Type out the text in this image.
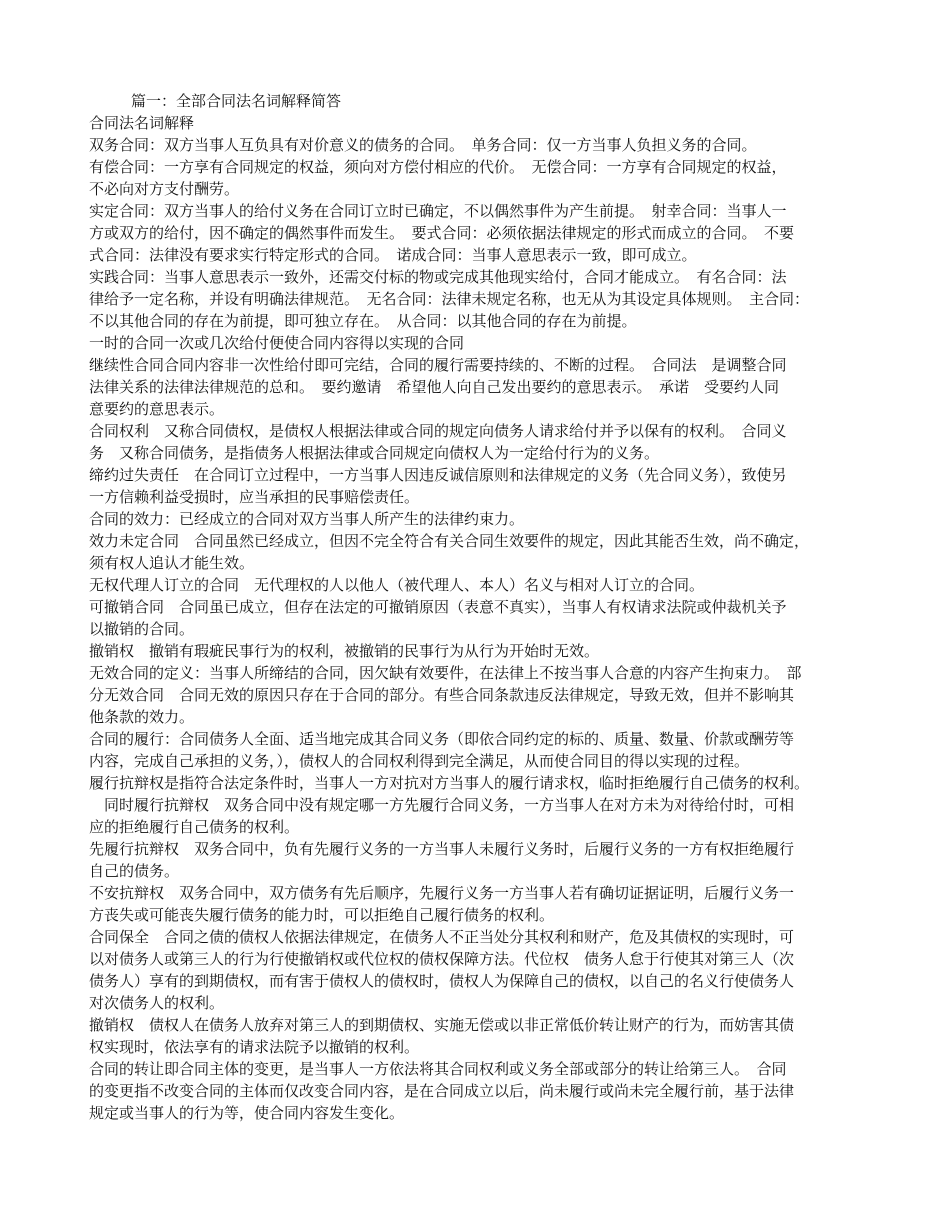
篇一：全部合同法名词解释简答
合同法名词解释
双务合同：双方当事人互负具有对价意义的债务的合同。　单务合同：仅一方当事人负担义务的合同。
有偿合同：一方享有合同规定的权益，须向对方偿付相应的代价。　无偿合同：一方享有合同规定的权益，
不必向对方支付酬劳。
实定合同：双方当事人的给付义务在合同订立时已确定，不以偶然事件为产生前提。　射幸合同：当事人一
方或双方的给付，因不确定的偶然事件而发生。　要式合同：必须依据法律规定的形式而成立的合同。　不要
式合同：法律没有要求实行特定形式的合同。　诺成合同：当事人意思表示一致，即可成立。
实践合同：当事人意思表示一致外，还需交付标的物或完成其他现实给付，合同才能成立。　有名合同：法
律给予一定名称，并设有明确法律规范。　无名合同：法律未规定名称，也无从为其设定具体规则。　主合同：
不以其他合同的存在为前提，即可独立存在。　从合同：以其他合同的存在为前提。
一时的合同一次或几次给付便使合同内容得以实现的合同
继续性合同合同内容非一次性给付即可完结，合同的履行需要持续的、不断的过程。　合同法　是调整合同
法律关系的法律法律规范的总和。　要约邀请　希望他人向自己发出要约的意思表示。　承诺　受要约人同
意要约的意思表示。
合同权利　又称合同债权，是债权人根据法律或合同的规定向债务人请求给付并予以保有的权利。　合同义
务　又称合同债务，是指债务人根据法律或合同规定向债权人为一定给付行为的义务。
缔约过失责任　在合同订立过程中，一方当事人因违反诚信原则和法律规定的义务（先合同义务），致使另
一方信赖利益受损时，应当承担的民事赔偿责任。
合同的效力：已经成立的合同对双方当事人所产生的法律约束力。
效力未定合同　合同虽然已经成立，但因不完全符合有关合同生效要件的规定，因此其能否生效，尚不确定，
须有权人追认才能生效。
无权代理人订立的合同　无代理权的人以他人（被代理人、本人）名义与相对人订立的合同。
可撤销合同　合同虽已成立，但存在法定的可撤销原因（表意不真实），当事人有权请求法院或仲裁机关予
以撤销的合同。
撤销权　撤销有瑕疵民事行为的权利，被撤销的民事行为从行为开始时无效。
无效合同的定义：当事人所缔结的合同，因欠缺有效要件，在法律上不按当事人合意的内容产生拘束力。　部
分无效合同　合同无效的原因只存在于合同的部分。有些合同条款违反法律规定，导致无效，但并不影响其
他条款的效力。
合同的履行：合同债务人全面、适当地完成其合同义务（即依合同约定的标的、质量、数量、价款或酬劳等
内容，完成自己承担的义务，），债权人的合同权利得到完全满足，从而使合同目的得以实现的过程。
履行抗辩权是指符合法定条件时，当事人一方对抗对方当事人的履行请求权，临时拒绝履行自己债务的权利。
　同时履行抗辩权　双务合同中没有规定哪一方先履行合同义务，一方当事人在对方未为对待给付时，可相
应的拒绝履行自己债务的权利。
先履行抗辩权　双务合同中，负有先履行义务的一方当事人未履行义务时，后履行义务的一方有权拒绝履行
自己的债务。
不安抗辩权　双务合同中，双方债务有先后顺序，先履行义务一方当事人若有确切证据证明，后履行义务一
方丧失或可能丧失履行债务的能力时，可以拒绝自己履行债务的权利。
合同保全　合同之债的债权人依据法律规定，在债务人不正当处分其权利和财产，危及其债权的实现时，可
以对债务人或第三人的行为行使撤销权或代位权的债权保障方法。代位权　债务人怠于行使其对第三人（次
债务人）享有的到期债权，而有害于债权人的债权时，债权人为保障自己的债权，以自己的名义行使债务人
对次债务人的权利。
撤销权　债权人在债务人放弃对第三人的到期债权、实施无偿或以非正常低价转让财产的行为，而妨害其债
权实现时，依法享有的请求法院予以撤销的权利。
合同的转让即合同主体的变更，是当事人一方依法将其合同权利或义务全部或部分的转让给第三人。　合同
的变更指不改变合同的主体而仅改变合同内容，是在合同成立以后，尚未履行或尚未完全履行前，基于法律
规定或当事人的行为等，使合同内容发生变化。
